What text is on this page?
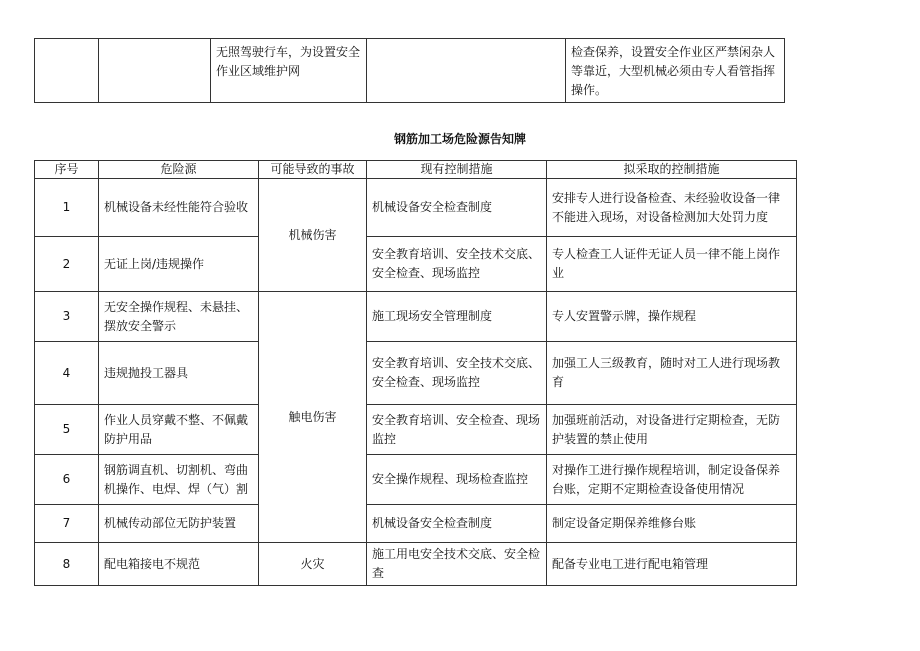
		无照驾驶行车，为设置安全作业区域维护网		检查保养，设置安全作业区严禁闲杂人等靠近，大型机械必须由专人看管指挥操作。
钢筋加工场危险源告知牌
序号	危险源	可能导致的事故	现有控制措施	拟采取的控制措施
1	机械设备未经性能符合验收	机械伤害	机械设备安全检查制度	安排专人进行设备检查、未经验收设备一律不能进入现场，对设备检测加大处罚力度
2	无证上岗/违规操作		安全教育培训、安全技术交底、安全检查、现场监控	专人检查工人证件无证人员一律不能上岗作业
3	无安全操作规程、未悬挂、摆放安全警示	触电伤害	施工现场安全管理制度	专人安置警示牌，操作规程
4	违规抛投工器具		安全教育培训、安全技术交底、安全检查、现场监控	加强工人三级教育，随时对工人进行现场教育
5	作业人员穿戴不整、不佩戴防护用品		安全教育培训、安全检查、现场监控	加强班前活动，对设备进行定期检查，无防护装置的禁止使用
6	钢筋调直机、切割机、弯曲机操作、电焊、焊（气）割		安全操作规程、现场检查监控	对操作工进行操作规程培训，制定设备保养台账，定期不定期检查设备使用情况
7	机械传动部位无防护装置		机械设备安全检查制度	制定设备定期保养维修台账
8	配电箱接电不规范	火灾	施工用电安全技术交底、安全检查	配备专业电工进行配电箱管理
